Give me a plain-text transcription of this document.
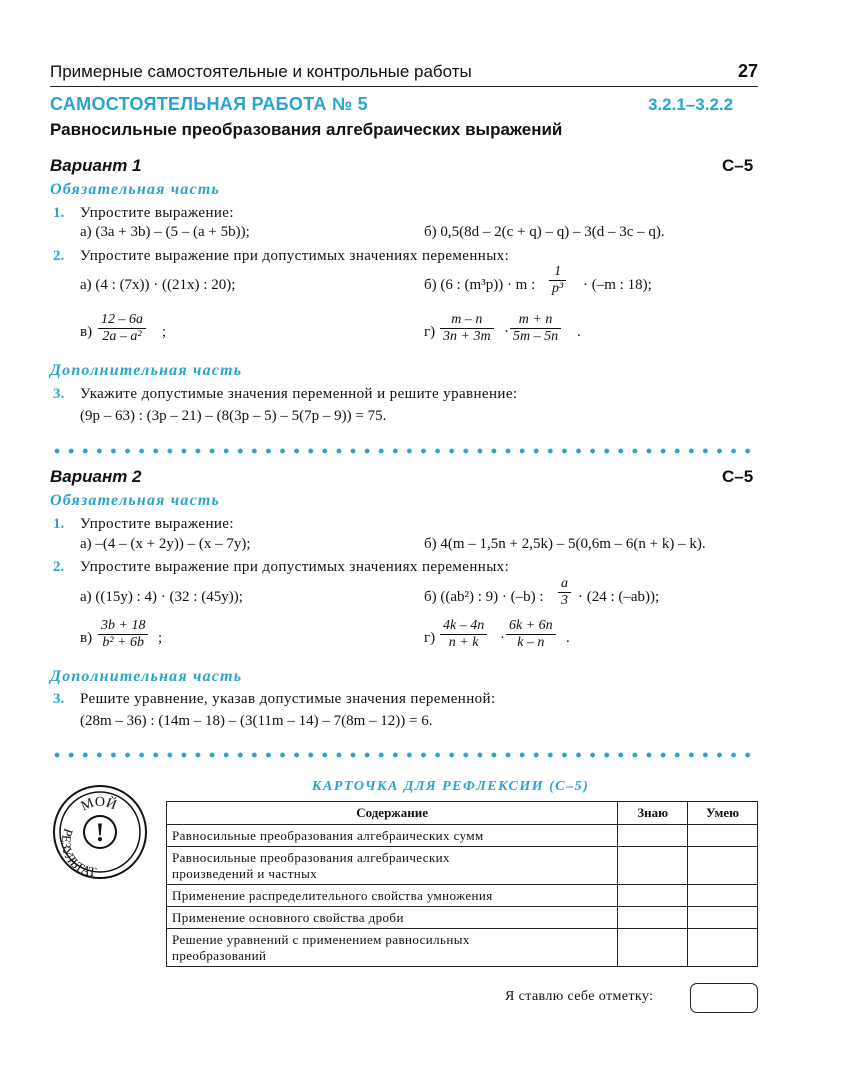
Примерные самостоятельные и контрольные работы	27
САМОСТОЯТЕЛЬНАЯ РАБОТА № 5	3.2.1–3.2.2
Равносильные преобразования алгебраических выражений
Вариант 1	С–5
Обязательная часть
1. Упростите выражение:
а) (3a + 3b) – (5 – (a + 5b));	б) 0,5(8d – 2(c + q) – q) – 3(d – 3c – q).
2. Упростите выражение при допустимых значениях переменных:
а) (4 : (7x)) · ((21x) : 20);	б) (6 : (m³p)) · m : $\frac{1}{\text{p³}} \cdot (-m$ : 18);
$в) \frac{12 - 6a}{\text{2a – a²}}$ ;	$г) \frac{m - n}{3n + 3m} \cdot \frac{m + n}{5m - 5n}$ .
Дополнительная часть
3. Укажите допустимые значения переменной и решите уравнение:
(9p – 63) : (3p – 21) – (8(3p – 5) – 5(7p – 9)) = 75.
Вариант 2	С–5
Обязательная часть
1. Упростите выражение:
а) –(4 – (x + 2y)) – (x – 7y);	б) 4(m – 1,5n + 2,5k) – 5(0,6m – 6(n + k) – k).
2. Упростите выражение при допустимых значениях переменных:
а) ((15y) : 4) · (32 : (45y));	б) ((ab²) : 9) · (–b) : $\frac{a}{3} \cdot (24$ : (–ab));
$в) \frac{3b + 18}{\text{b² + 6b}}$ ;	$г) \frac{4k - 4n}{n + k} \cdot \frac{6k + 6n}{k - n}$ .
Дополнительная часть
3. Решите уравнение, указав допустимые значения переменной:
(28m – 36) : (14m – 18) – (3(11m – 14) – 7(8m – 12)) = 6.
КАРТОЧКА ДЛЯ РЕФЛЕКСИИ (С–5)
МОЙ
!
РЕЗУЛЬТАТ
Содержание	Знаю	Умею
Равносильные преобразования алгебраических сумм		
Равносильные преобразования алгебраических произведений и частных		
Применение распределительного свойства умножения		
Применение основного свойства дроби		
Решение уравнений с применением равносильных преобразований		
Я ставлю себе отметку:
